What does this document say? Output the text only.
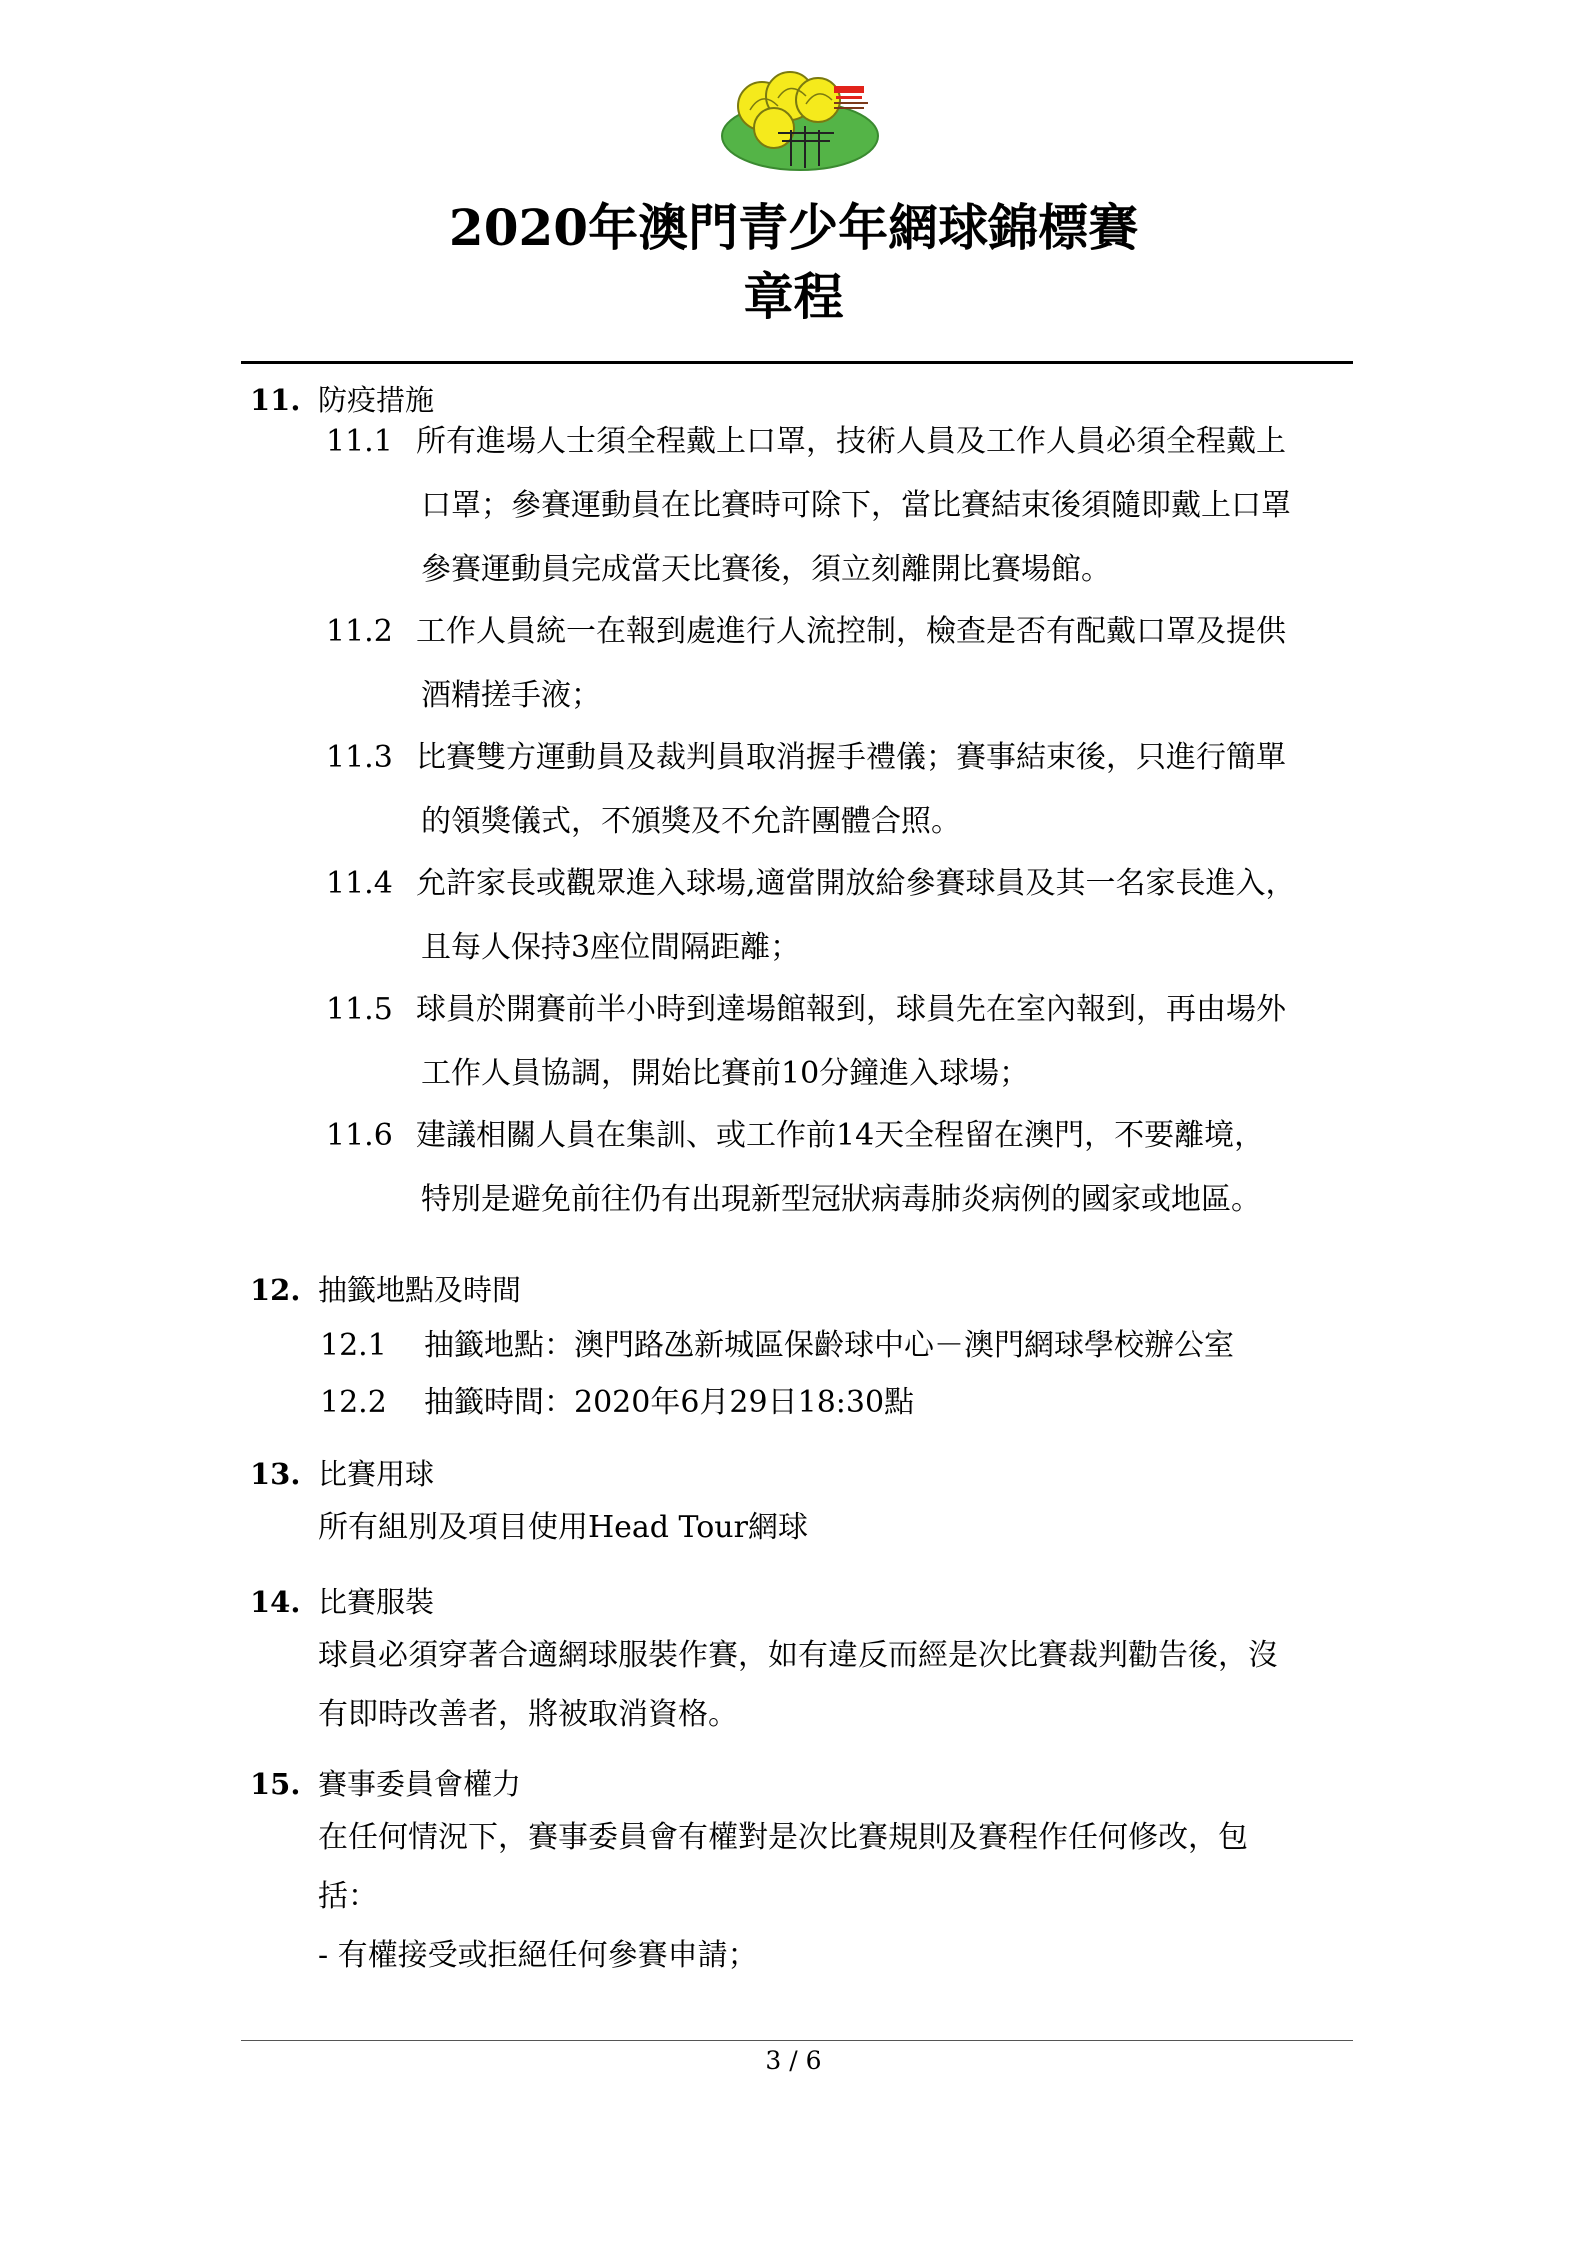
2020年澳門青少年網球錦標賽
章程
11. 防疫措施
11.1 所有進場人士須全程戴上口罩，技術人員及工作人員必須全程戴上
口罩；參賽運動員在比賽時可除下，當比賽結束後須隨即戴上口罩
參賽運動員完成當天比賽後，須立刻離開比賽場館。
11.2 工作人員統一在報到處進行人流控制，檢查是否有配戴口罩及提供
酒精搓手液；
11.3 比賽雙方運動員及裁判員取消握手禮儀；賽事結束後，只進行簡單
的領獎儀式，不頒獎及不允許團體合照。
11.4 允許家長或觀眾進入球場,適當開放給參賽球員及其一名家長進入，
且每人保持3座位間隔距離；
11.5 球員於開賽前半小時到達場館報到，球員先在室內報到，再由場外
工作人員協調，開始比賽前10分鐘進入球場；
11.6 建議相關人員在集訓、或工作前14天全程留在澳門，不要離境，
特別是避免前往仍有出現新型冠狀病毒肺炎病例的國家或地區。
12. 抽籤地點及時間
12.1 抽籤地點：澳門路氹新城區保齡球中心－澳門網球學校辦公室
12.2 抽籤時間：2020年6月29日18:30點
13. 比賽用球
所有組別及項目使用Head Tour網球
14. 比賽服裝
球員必須穿著合適網球服裝作賽，如有違反而經是次比賽裁判勸告後，沒
有即時改善者，將被取消資格。
15. 賽事委員會權力
在任何情況下，賽事委員會有權對是次比賽規則及賽程作任何修改，包
括：
- 有權接受或拒絕任何參賽申請；
3 / 6
